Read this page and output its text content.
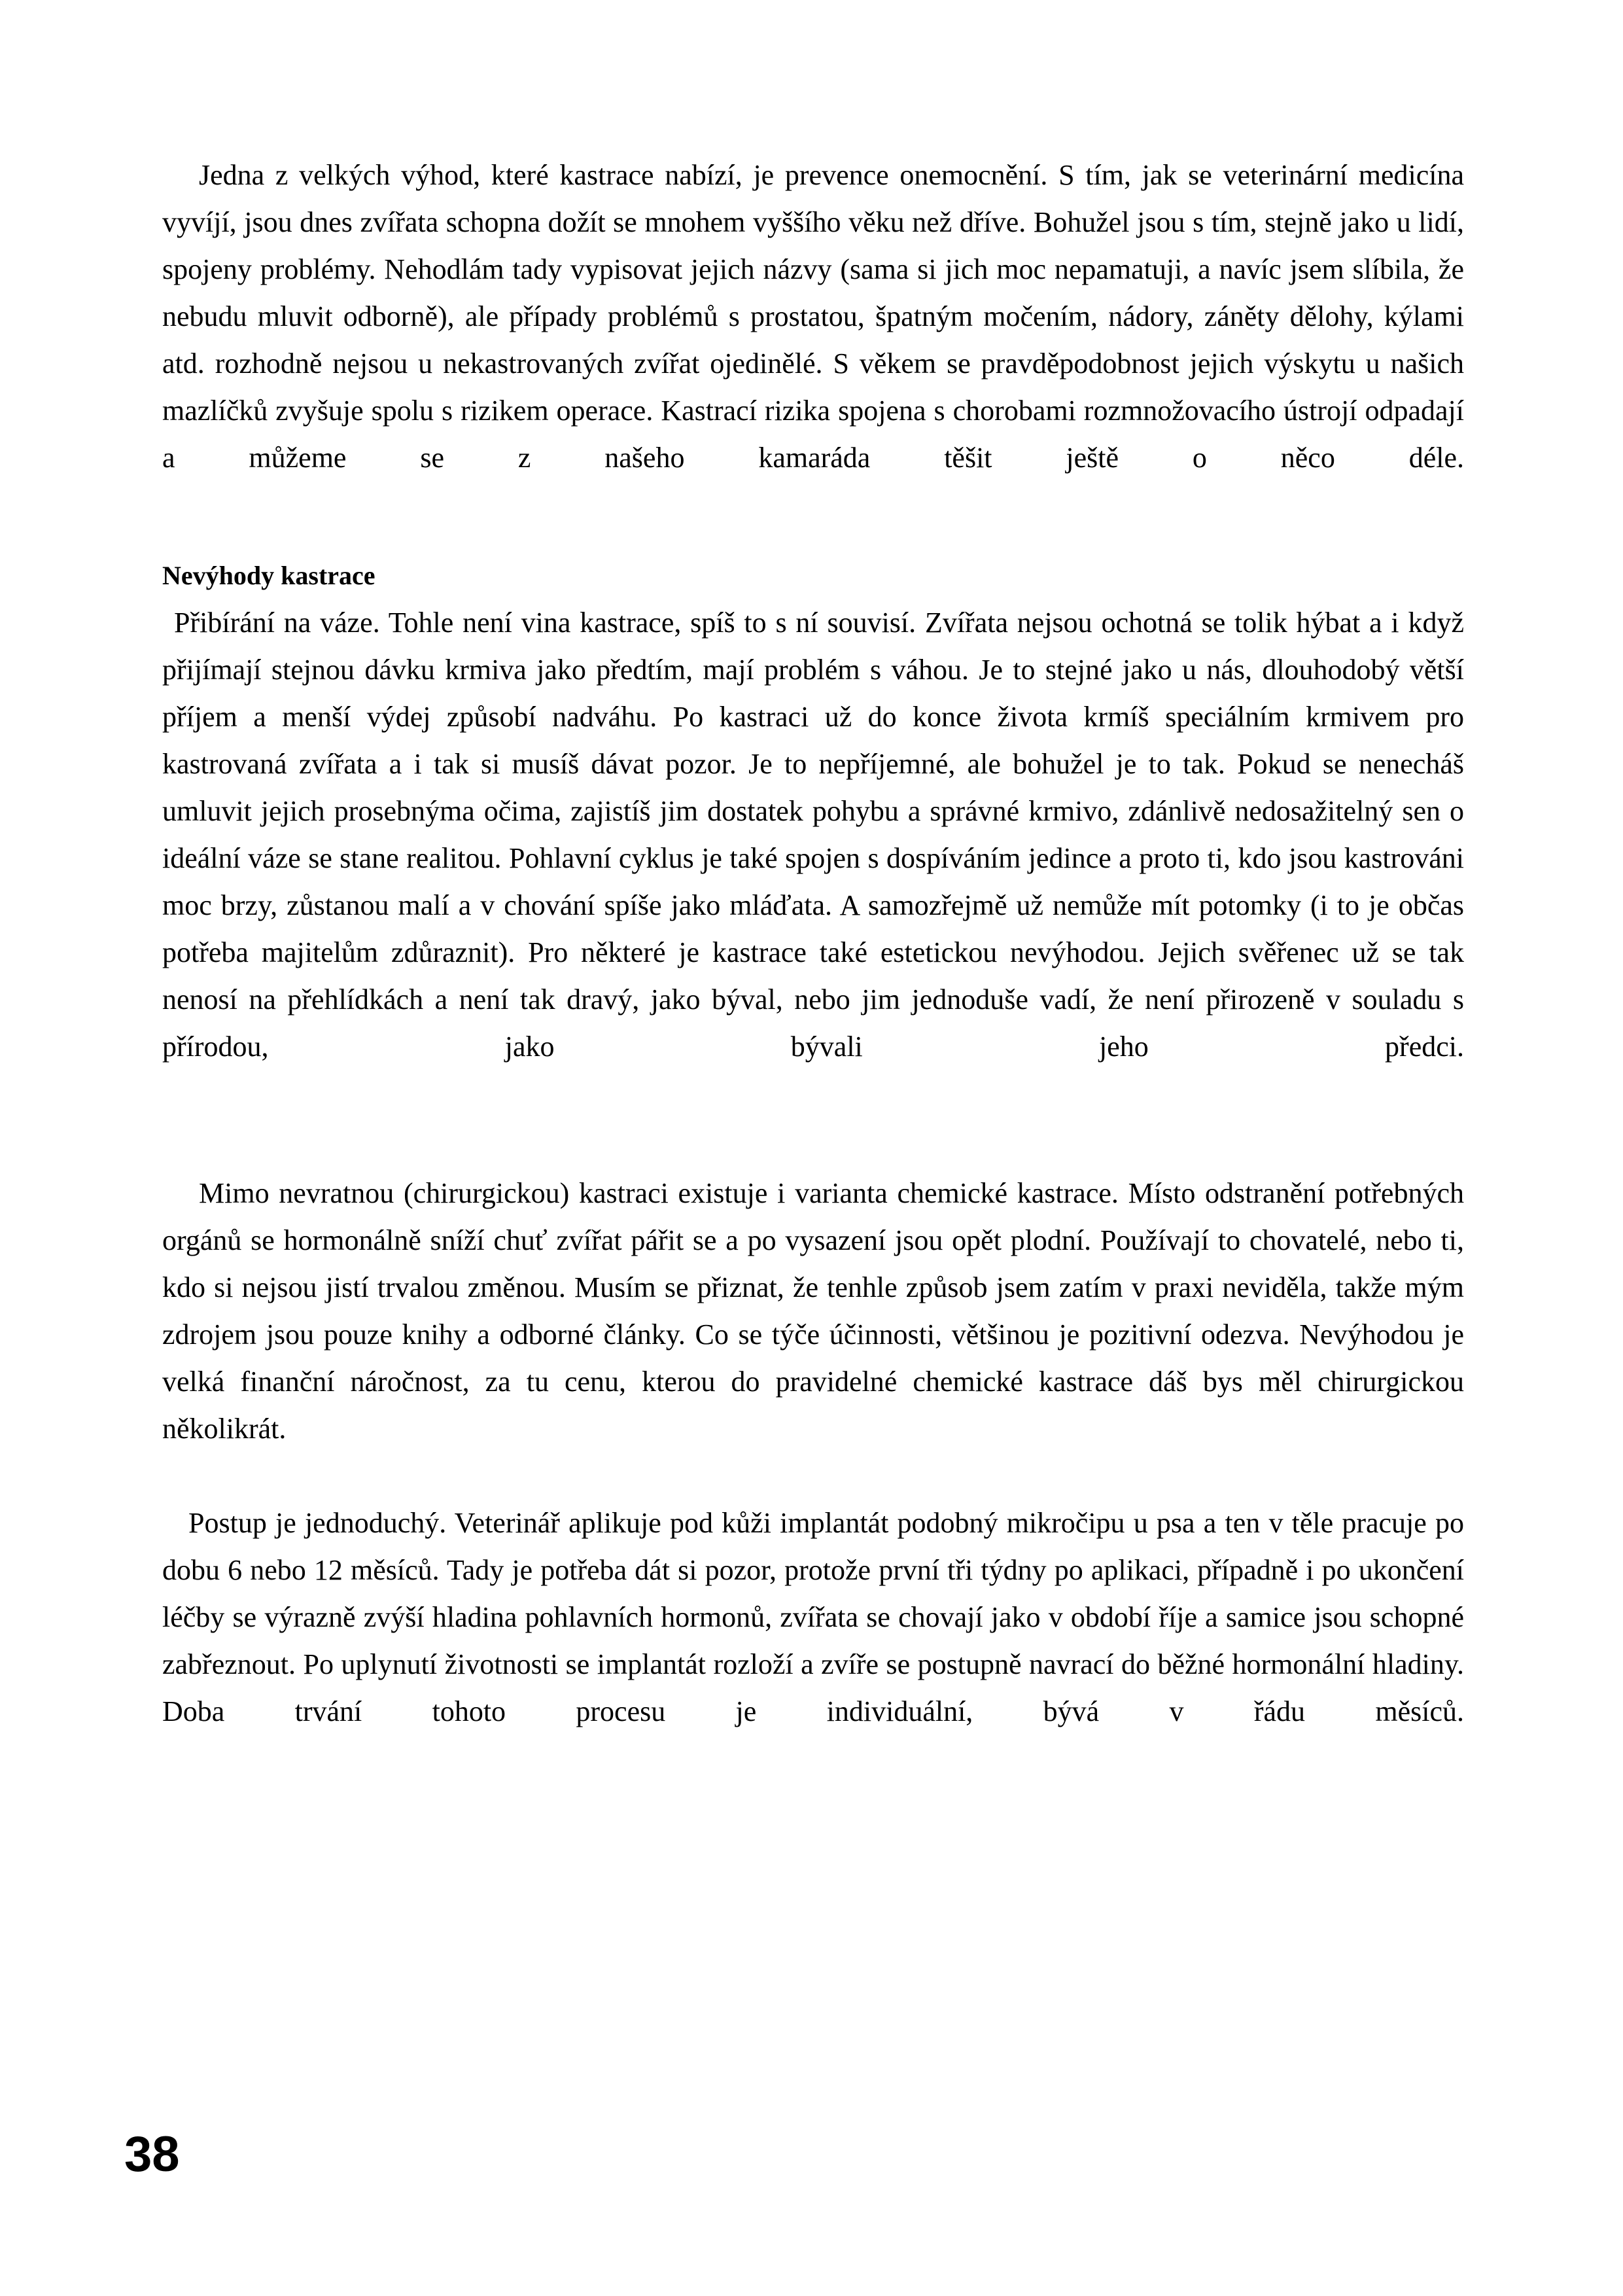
Jedna z velkých výhod, které kastrace nabízí, je prevence onemocnění. S tím, jak se veterinární medicína vyvíjí, jsou dnes zvířata schopna dožít se mnohem vyššího věku než dříve. Bohužel jsou s tím, stejně jako u lidí, spojeny problémy. Nehodlám tady vypisovat jejich názvy (sama si jich moc nepamatuji, a navíc jsem slíbila, že nebudu mluvit odborně), ale případy problémů s prostatou, špatným močením, nádory, záněty dělohy, kýlami atd. rozhodně nejsou u nekastrovaných zvířat ojedinělé. S věkem se pravděpodobnost jejich výskytu u našich mazlíčků zvyšuje spolu s rizikem operace. Kastrací rizika spojena s chorobami rozmnožovacího ústrojí odpadají a můžeme se z našeho kamaráda těšit ještě o něco déle.

Nevýhody kastrace

Přibírání na váze. Tohle není vina kastrace, spíš to s ní souvisí. Zvířata nejsou ochotná se tolik hýbat a i když přijímají stejnou dávku krmiva jako předtím, mají problém s váhou. Je to stejné jako u nás, dlouhodobý větší příjem a menší výdej způsobí nadváhu. Po kastraci už do konce života krmíš speciálním krmivem pro kastrovaná zvířata a i tak si musíš dávat pozor. Je to nepříjemné, ale bohužel je to tak. Pokud se nenecháš umluvit jejich prosebnýma očima, zajistíš jim dostatek pohybu a správné krmivo, zdánlivě nedosažitelný sen o ideální váze se stane realitou. Pohlavní cyklus je také spojen s dospíváním jedince a proto ti, kdo jsou kastrováni moc brzy, zůstanou malí a v chování spíše jako mláďata. A samozřejmě už nemůže mít potomky (i to je občas potřeba majitelům zdůraznit). Pro některé je kastrace také estetickou nevýhodou. Jejich svěřenec už se tak nenosí na přehlídkách a není tak dravý, jako býval, nebo jim jednoduše vadí, že není přirozeně v souladu s přírodou, jako bývali jeho předci.

Mimo nevratnou (chirurgickou) kastraci existuje i varianta chemické kastrace. Místo odstranění potřebných orgánů se hormonálně sníží chuť zvířat pářit se a po vysazení jsou opět plodní. Používají to chovatelé, nebo ti, kdo si nejsou jistí trvalou změnou. Musím se přiznat, že tenhle způsob jsem zatím v praxi neviděla, takže mým zdrojem jsou pouze knihy a odborné články. Co se týče účinnosti, většinou je pozitivní odezva. Nevýhodou je velká finanční náročnost, za tu cenu, kterou do pravidelné chemické kastrace dáš bys měl chirurgickou několikrát.

Postup je jednoduchý. Veterinář aplikuje pod kůži implantát podobný mikročipu u psa a ten v těle pracuje po dobu 6 nebo 12 měsíců. Tady je potřeba dát si pozor, protože první tři týdny po aplikaci, případně i po ukončení léčby se výrazně zvýší hladina pohlavních hormonů, zvířata se chovají jako v období říje a samice jsou schopné zabřeznout. Po uplynutí životnosti se implantát rozloží a zvíře se postupně navrací do běžné hormonální hladiny. Doba trvání tohoto procesu je individuální, bývá v řádu měsíců.

38
